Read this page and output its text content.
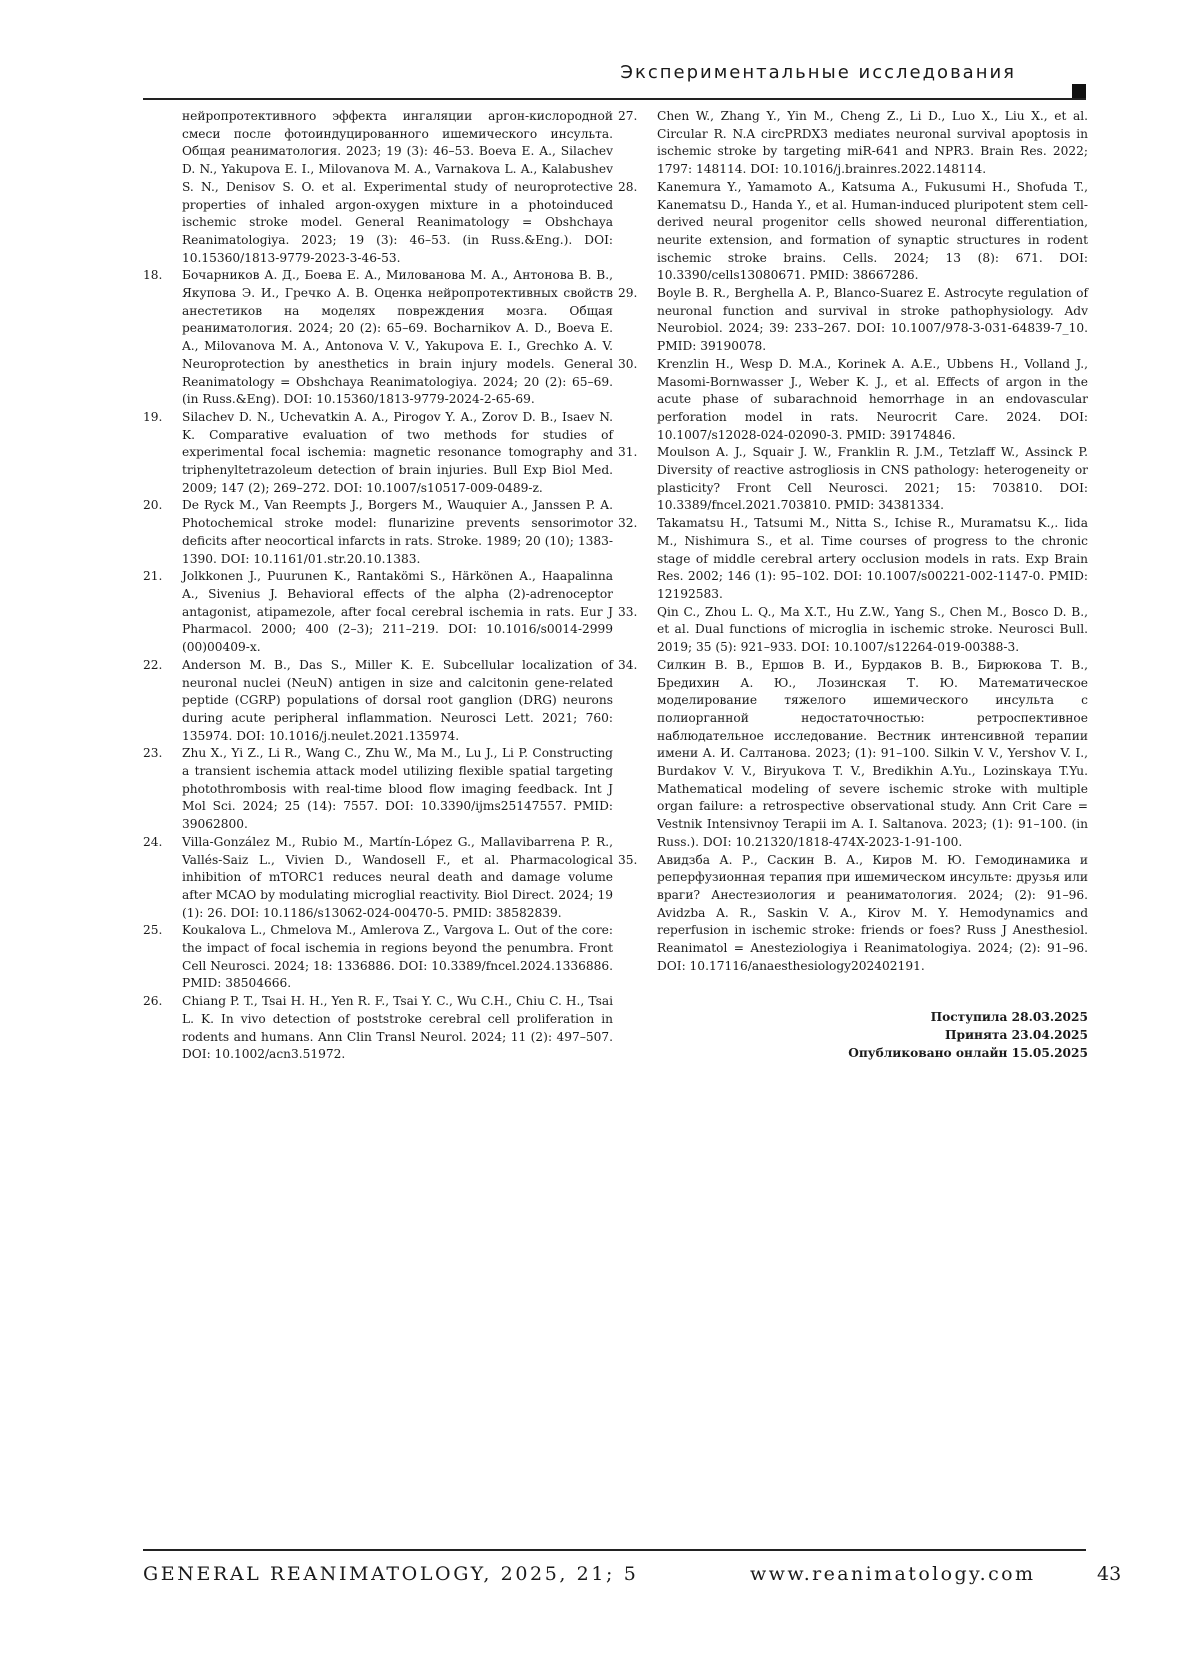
Экспериментальные исследования

нейропротективного эффекта ингаляции аргон-кислородной смеси после фотоиндуцированного ишемического инсульта. Общая реаниматология. 2023; 19 (3): 46–53. Boeva E. A., Silachev D. N., Yakupova E. I., Milovanova M. A., Varnakova L. A., Kalabushev S. N., Denisov S. O. et al. Experimental study of neuroprotective properties of inhaled argon-oxygen mixture in a photoinduced ischemic stroke model. General Reanimatology = Obshchaya Reanimatologiya. 2023; 19 (3): 46–53. (in Russ.&Eng.). DOI: 10.15360/1813-9779-2023-3-46-53.

18. Бочарников А. Д., Боева Е. А., Милованова М. А., Антонова В. В., Якупова Э. И., Гречко А. В. Оценка нейропротективных свойств анестетиков на моделях повреждения мозга. Общая реаниматология. 2024; 20 (2): 65–69. Bocharnikov A. D., Boeva E. A., Milovanova M. A., Antonova V. V., Yakupova E. I., Grechko A. V. Neuroprotection by anesthetics in brain injury models. General Reanimatology = Obshchaya Reanimatologiya. 2024; 20 (2): 65–69. (in Russ.&Eng). DOI: 10.15360/1813-9779-2024-2-65-69.

19. Silachev D. N., Uchevatkin A. A., Pirogov Y. A., Zorov D. B., Isaev N. K. Comparative evaluation of two methods for studies of experimental focal ischemia: magnetic resonance tomography and triphenyltetrazoleum detection of brain injuries. Bull Exp Biol Med. 2009; 147 (2); 269–272. DOI: 10.1007/s10517-009-0489-z.

20. De Ryck M., Van Reempts J., Borgers M., Wauquier A., Janssen P. A. Photochemical stroke model: flunarizine prevents sensorimotor deficits after neocortical infarcts in rats. Stroke. 1989; 20 (10); 1383-1390. DOI: 10.1161/01.str.20.10.1383.

21. Jolkkonen J., Puurunen K., Rantakömi S., Härkönen A., Haapalinna A., Sivenius J. Behavioral effects of the alpha (2)-adrenoceptor antagonist, atipamezole, after focal cerebral ischemia in rats. Eur J Pharmacol. 2000; 400 (2–3); 211–219. DOI: 10.1016/s0014-2999 (00)00409-x.

22. Anderson M. B., Das S., Miller K. E. Subcellular localization of neuronal nuclei (NeuN) antigen in size and calcitonin gene-related peptide (CGRP) populations of dorsal root ganglion (DRG) neurons during acute peripheral inflammation. Neurosci Lett. 2021; 760: 135974. DOI: 10.1016/j.neulet.2021.135974.

23. Zhu X., Yi Z., Li R., Wang C., Zhu W., Ma M., Lu J., Li P. Constructing a transient ischemia attack model utilizing flexible spatial targeting photothrombosis with real-time blood flow imaging feedback. Int J Mol Sci. 2024; 25 (14): 7557. DOI: 10.3390/ijms25147557. PMID: 39062800.

24. Villa-González M., Rubio M., Martín-López G., Mallavibarrena P. R., Vallés-Saiz L., Vivien D., Wandosell F., et al. Pharmacological inhibition of mTORC1 reduces neural death and damage volume after MCAO by modulating microglial reactivity. Biol Direct. 2024; 19 (1): 26. DOI: 10.1186/s13062-024-00470-5. PMID: 38582839.

25. Koukalova L., Chmelova M., Amlerova Z., Vargova L. Out of the core: the impact of focal ischemia in regions beyond the penumbra. Front Cell Neurosci. 2024; 18: 1336886. DOI: 10.3389/fncel.2024.1336886. PMID: 38504666.

26. Chiang P. T., Tsai H. H., Yen R. F., Tsai Y. C., Wu C.H., Chiu C. H., Tsai L. K. In vivo detection of poststroke cerebral cell proliferation in rodents and humans. Ann Clin Transl Neurol. 2024; 11 (2): 497–507. DOI: 10.1002/acn3.51972.

27. Chen W., Zhang Y., Yin M., Cheng Z., Li D., Luo X., Liu X., et al. Circular R. N.A circPRDX3 mediates neuronal survival apoptosis in ischemic stroke by targeting miR-641 and NPR3. Brain Res. 2022; 1797: 148114. DOI: 10.1016/j.brainres.2022.148114.

28. Kanemura Y., Yamamoto A., Katsuma A., Fukusumi H., Shofuda T., Kanematsu D., Handa Y., et al. Human-induced pluripotent stem cell-derived neural progenitor cells showed neuronal differentiation, neurite extension, and formation of synaptic structures in rodent ischemic stroke brains. Cells. 2024; 13 (8): 671. DOI: 10.3390/cells13080671. PMID: 38667286.

29. Boyle B. R., Berghella A. P., Blanco-Suarez E. Astrocyte regulation of neuronal function and survival in stroke pathophysiology. Adv Neurobiol. 2024; 39: 233–267. DOI: 10.1007/978-3-031-64839-7_10. PMID: 39190078.

30. Krenzlin H., Wesp D. M.A., Korinek A. A.E., Ubbens H., Volland J., Masomi-Bornwasser J., Weber K. J., et al. Effects of argon in the acute phase of subarachnoid hemorrhage in an endovascular perforation model in rats. Neurocrit Care. 2024. DOI: 10.1007/s12028-024-02090-3. PMID: 39174846.

31. Moulson A. J., Squair J. W., Franklin R. J.M., Tetzlaff W., Assinck P. Diversity of reactive astrogliosis in CNS pathology: heterogeneity or plasticity? Front Cell Neurosci. 2021; 15: 703810. DOI: 10.3389/fncel.2021.703810. PMID: 34381334.

32. Takamatsu H., Tatsumi M., Nitta S., Ichise R., Muramatsu K.,. Iida M., Nishimura S., et al. Time courses of progress to the chronic stage of middle cerebral artery occlusion models in rats. Exp Brain Res. 2002; 146 (1): 95–102. DOI: 10.1007/s00221-002-1147-0. PMID: 12192583.

33. Qin C., Zhou L. Q., Ma X.T., Hu Z.W., Yang S., Chen M., Bosco D. B., et al. Dual functions of microglia in ischemic stroke. Neurosci Bull. 2019; 35 (5): 921–933. DOI: 10.1007/s12264-019-00388-3.

34. Силкин В. В., Ершов В. И., Бурдаков В. В., Бирюкова Т. В., Бредихин А. Ю., Лозинская Т. Ю. Математическое моделирование тяжелого ишемического инсульта с полиорганной недостаточностью: ретроспективное наблюдательное исследование. Вестник интенсивной терапии имени А. И. Салтанова. 2023; (1): 91–100. Silkin V. V., Yershov V. I., Burdakov V. V., Biryukova T. V., Bredikhin A.Yu., Lozinskaya T.Yu. Mathematical modeling of severe ischemic stroke with multiple organ failure: a retrospective observational study. Ann Crit Care = Vestnik Intensivnoy Terapii im A. I. Saltanova. 2023; (1): 91–100. (in Russ.). DOI: 10.21320/1818-474X-2023-1-91-100.

35. Авидзба А. Р., Саскин В. А., Киров М. Ю. Гемодинамика и реперфузионная терапия при ишемическом инсульте: друзья или враги? Анестезиология и реаниматология. 2024; (2): 91–96. Avidzba A. R., Saskin V. A., Kirov M. Y. Hemodynamics and reperfusion in ischemic stroke: friends or foes? Russ J Anesthesiol. Reanimatol = Anesteziologiya i Reanimatologiya. 2024; (2): 91–96. DOI: 10.17116/anaesthesiology202402191.

Поступила 28.03.2025
Принята 23.04.2025
Опубликовано онлайн 15.05.2025
GENERAL REANIMATOLOGY, 2025, 21; 5	www.reanimatology.com	43
